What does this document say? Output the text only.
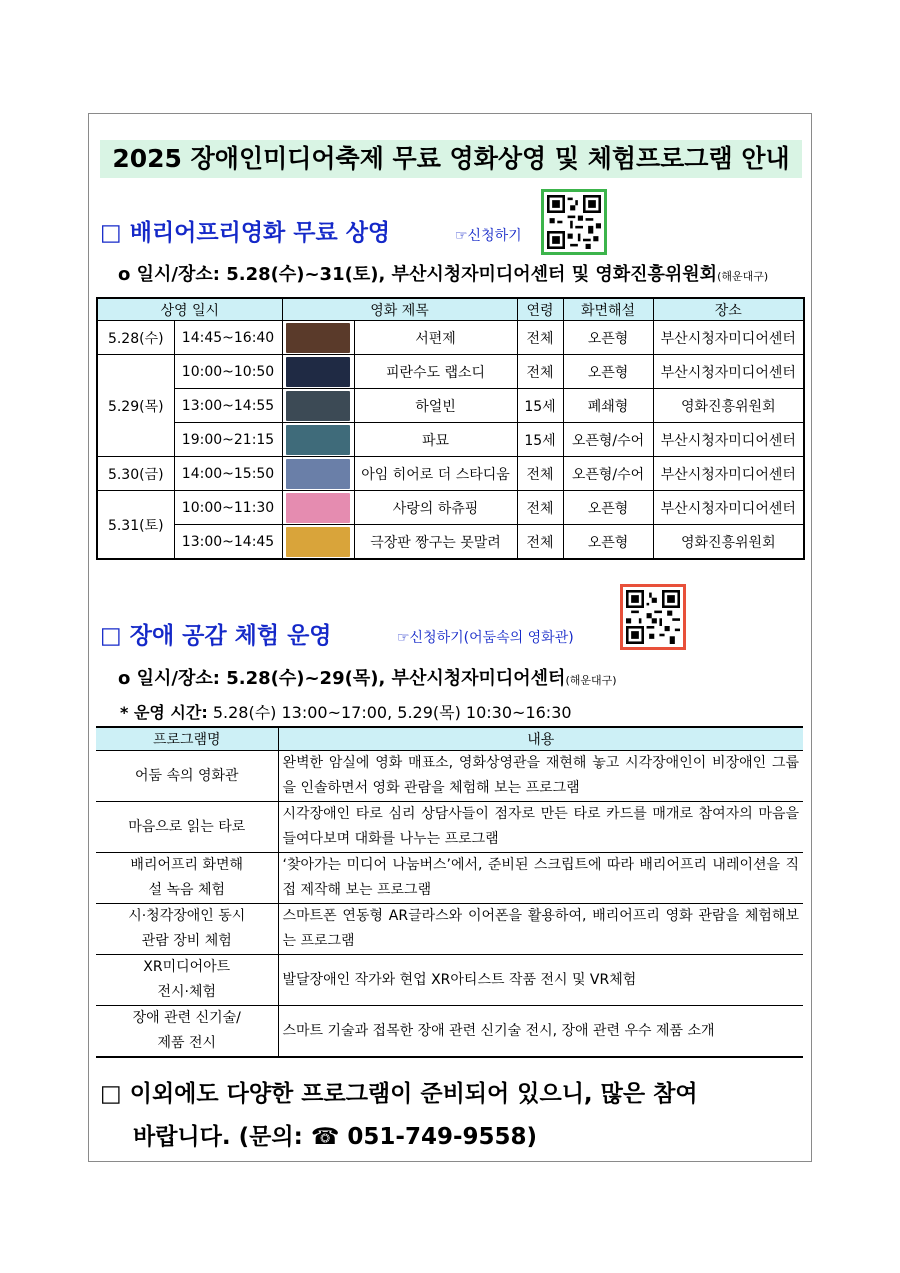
2025 장애인미디어축제 무료 영화상영 및 체험프로그램 안내
□ 배리어프리영화 무료 상영	☞신청하기
o 일시/장소: 5.28(수)~31(토), 부산시청자미디어센터 및 영화진흥위원회(해운대구)
상영 일시		영화 제목		연령	화면해설	장소
5.28(수)	14:45~16:40		서편제	전체	오픈형	부산시청자미디어센터
5.29(목)	10:00~10:50		피란수도 랩소디	전체	오픈형	부산시청자미디어센터
	13:00~14:55		하얼빈	15세	폐쇄형	영화진흥위원회
	19:00~21:15		파묘	15세	오픈형/수어	부산시청자미디어센터
5.30(금)	14:00~15:50		아임 히어로 더 스타디움	전체	오픈형/수어	부산시청자미디어센터
5.31(토)	10:00~11:30		사랑의 하츄핑	전체	오픈형	부산시청자미디어센터
	13:00~14:45		극장판 짱구는 못말려	전체	오픈형	영화진흥위원회
□ 장애 공감 체험 운영	☞신청하기(어둠속의 영화관)
o 일시/장소: 5.28(수)~29(목), 부산시청자미디어센터(해운대구)
* 운영 시간: 5.28(수) 13:00~17:00, 5.29(목) 10:30~16:30
프로그램명	내용
어둠 속의 영화관	완벽한 암실에 영화 매표소, 영화상영관을 재현해 놓고 시각장애인이 비장애인 그룹을 인솔하면서 영화 관람을 체험해 보는 프로그램
마음으로 읽는 타로	시각장애인 타로 심리 상담사들이 점자로 만든 타로 카드를 매개로 참여자의 마음을 들여다보며 대화를 나누는 프로그램
배리어프리 화면해설 녹음 체험	‘찾아가는 미디어 나눔버스’에서, 준비된 스크립트에 따라 배리어프리 내레이션을 직접 제작해 보는 프로그램
시·청각장애인 동시관람 장비 체험	스마트폰 연동형 AR글라스와 이어폰을 활용하여, 배리어프리 영화 관람을 체험해보는 프로그램
XR미디어아트 전시·체험	발달장애인 작가와 현업 XR아티스트 작품 전시 및 VR체험
장애 관련 신기술/제품 전시	스마트 기술과 접목한 장애 관련 신기술 전시, 장애 관련 우수 제품 소개
□ 이외에도 다양한 프로그램이 준비되어 있으니, 많은 참여
바랍니다. (문의: ☎ 051-749-9558)
